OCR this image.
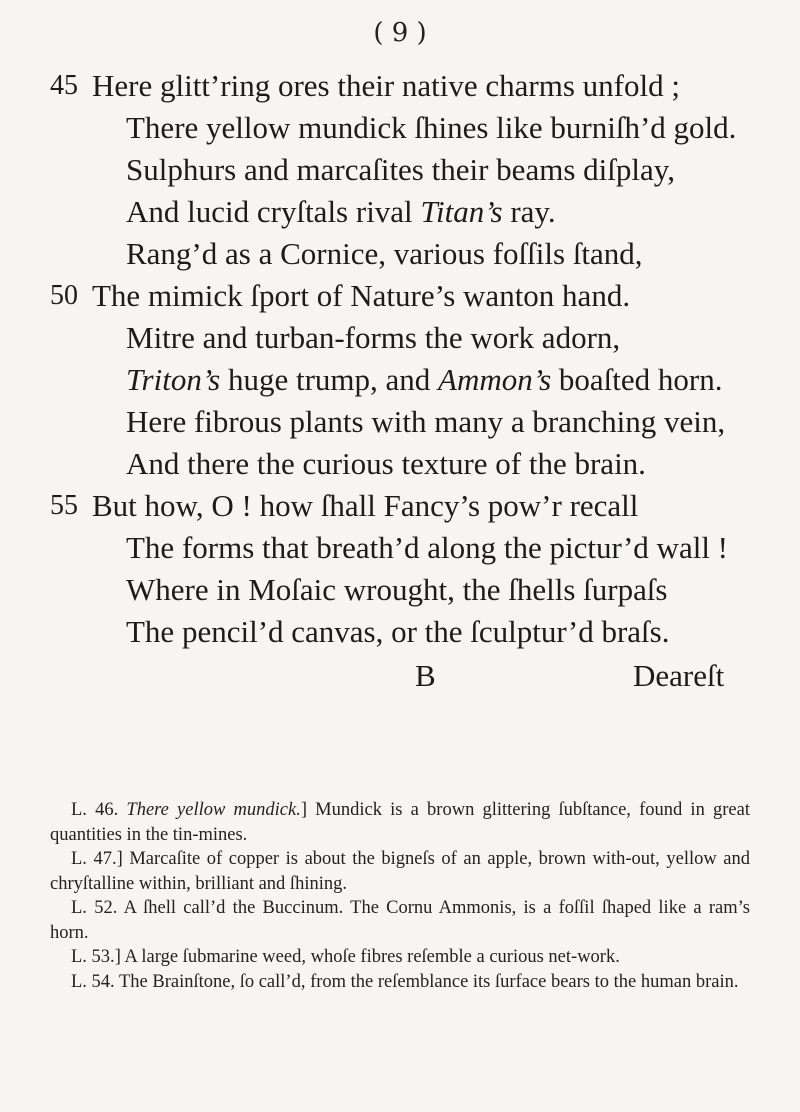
( 9 )
45 Here glitt’ring ores their native charms unfold ;
There yellow mundick ſhines like burniſh’d gold.
Sulphurs and marcaſites their beams diſplay,
And lucid cryſtals rival Titan’s ray.
Rang’d as a Cornice, various foſſils ſtand,
50 The mimick ſport of Nature’s wanton hand.
Mitre and turban-forms the work adorn,
Triton’s huge trump, and Ammon’s boaſted horn.
Here fibrous plants with many a branching vein,
And there the curious texture of the brain.
55 But how, O ! how ſhall Fancy’s pow’r recall
The forms that breath’d along the pictur’d wall !
Where in Moſaic wrought, the ſhells ſurpaſs
The pencil’d canvas, or the ſculptur’d braſs.
B	Deareſt

L. 46. There yellow mundick.] Mundick is a brown glittering ſubſtance, found in great quantities in the tin-mines.

L. 47.] Marcaſite of copper is about the bigneſs of an apple, brown with-out, yellow and chryſtalline within, brilliant and ſhining.

L. 52. A ſhell call’d the Buccinum. The Cornu Ammonis, is a foſſil ſhaped like a ram’s horn.

L. 53.] A large ſubmarine weed, whoſe fibres reſemble a curious net-work.

L. 54. The Brainſtone, ſo call’d, from the reſemblance its ſurface bears to the human brain.
